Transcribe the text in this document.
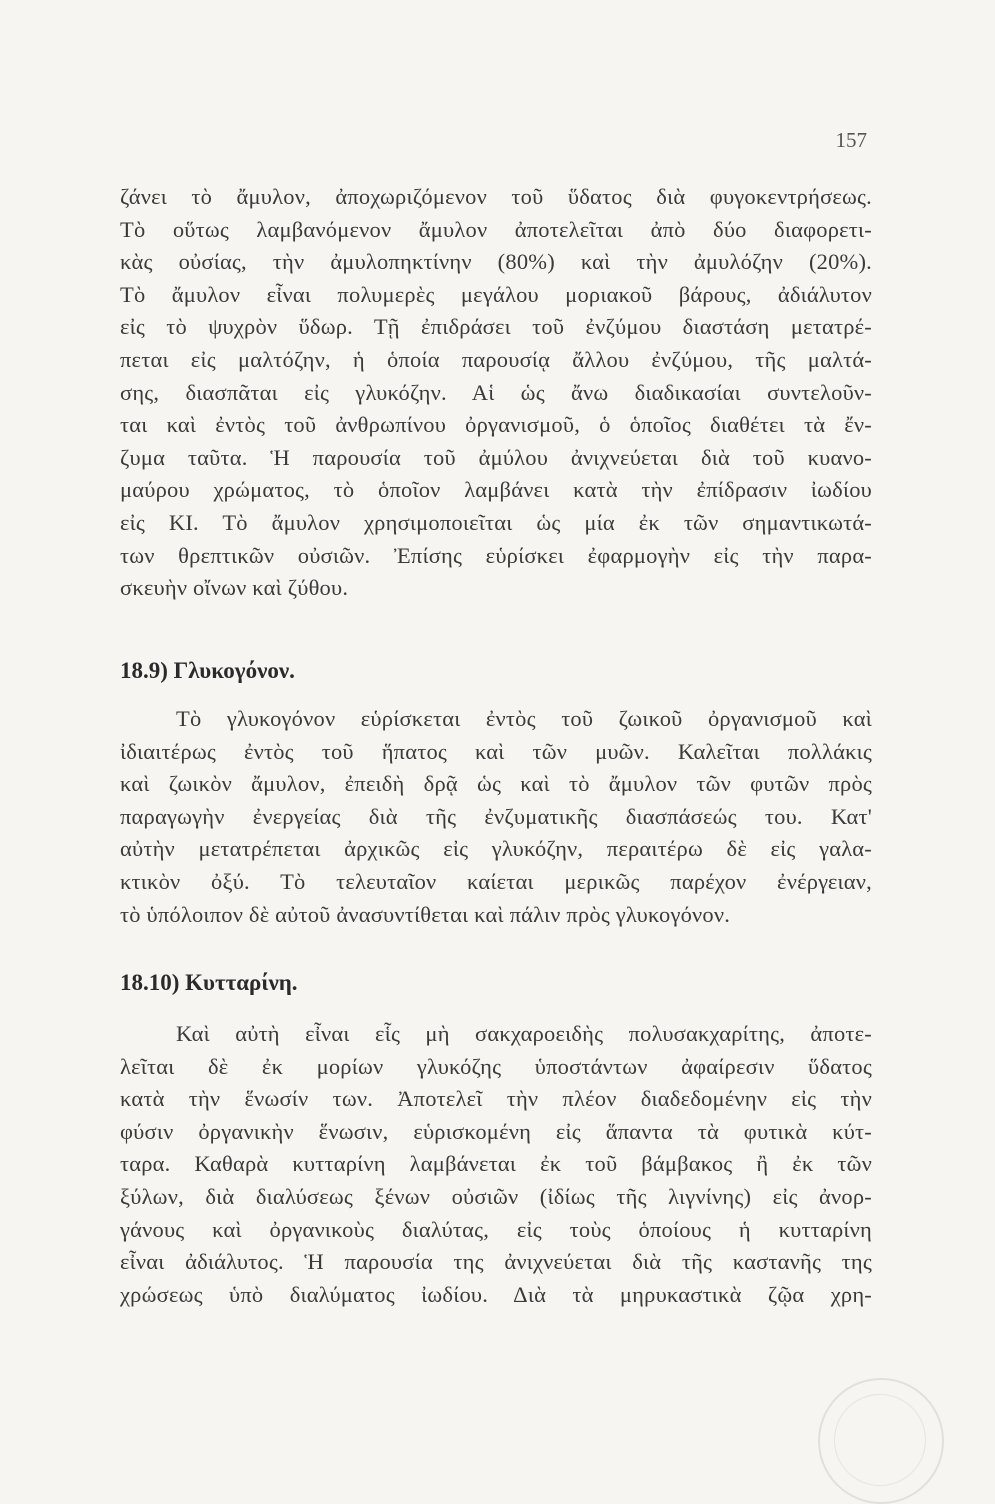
157
ζάνει τὸ ἄμυλον, ἀποχωριζόμενον τοῦ ὕδατος διὰ φυγοκεντρήσεως.
Τὸ οὕτως λαμβανόμενον ἄμυλον ἀποτελεῖται ἀπὸ δύο διαφορετι-
κὰς οὐσίας, τὴν ἀμυλοπηκτίνην (80%) καὶ τὴν ἀμυλόζην (20%).
Τὸ ἄμυλον εἶναι πολυμερὲς μεγάλου μοριακοῦ βάρους, ἀδιάλυτον
εἰς τὸ ψυχρὸν ὕδωρ. Τῇ ἐπιδράσει τοῦ ἐνζύμου διαστάση μετατρέ-
πεται εἰς μαλτόζην, ἡ ὁποία παρουσίᾳ ἄλλου ἐνζύμου, τῆς μαλτά-
σης, διασπᾶται εἰς γλυκόζην. Αἱ ὡς ἄνω διαδικασίαι συντελοῦν-
ται καὶ ἐντὸς τοῦ ἀνθρωπίνου ὀργανισμοῦ, ὁ ὁποῖος διαθέτει τὰ ἔν-
ζυμα ταῦτα. Ἡ παρουσία τοῦ ἀμύλου ἀνιχνεύεται διὰ τοῦ κυανο-
μαύρου χρώματος, τὸ ὁποῖον λαμβάνει κατὰ τὴν ἐπίδρασιν ἰωδίου
εἰς ΚΙ. Τὸ ἄμυλον χρησιμοποιεῖται ὡς μία ἐκ τῶν σημαντικωτά-
των θρεπτικῶν οὐσιῶν. Ἐπίσης εὑρίσκει ἐφαρμογὴν εἰς τὴν παρα-
σκευὴν οἴνων καὶ ζύθου.
18.9) Γλυκογόνον.
Τὸ γλυκογόνον εὑρίσκεται ἐντὸς τοῦ ζωικοῦ ὀργανισμοῦ καὶ
ἰδιαιτέρως ἐντὸς τοῦ ἥπατος καὶ τῶν μυῶν. Καλεῖται πολλάκις
καὶ ζωικὸν ἄμυλον, ἐπειδὴ δρᾷ ὡς καὶ τὸ ἄμυλον τῶν φυτῶν πρὸς
παραγωγὴν ἐνεργείας διὰ τῆς ἐνζυματικῆς διασπάσεώς του. Κατ'
αὐτὴν μετατρέπεται ἀρχικῶς εἰς γλυκόζην, περαιτέρω δὲ εἰς γαλα-
κτικὸν ὀξύ. Τὸ τελευταῖον καίεται μερικῶς παρέχον ἐνέργειαν,
τὸ ὑπόλοιπον δὲ αὐτοῦ ἀνασυντίθεται καὶ πάλιν πρὸς γλυκογόνον.
18.10) Κυτταρίνη.
Καὶ αὐτὴ εἶναι εἷς μὴ σακχαροειδὴς πολυσακχαρίτης, ἀποτε-
λεῖται δὲ ἐκ μορίων γλυκόζης ὑποστάντων ἀφαίρεσιν ὕδατος
κατὰ τὴν ἕνωσίν των. Ἀποτελεῖ τὴν πλέον διαδεδομένην εἰς τὴν
φύσιν ὀργανικὴν ἕνωσιν, εὑρισκομένη εἰς ἅπαντα τὰ φυτικὰ κύτ-
ταρα. Καθαρὰ κυτταρίνη λαμβάνεται ἐκ τοῦ βάμβακος ἢ ἐκ τῶν
ξύλων, διὰ διαλύσεως ξένων οὐσιῶν (ἰδίως τῆς λιγνίνης) εἰς ἀνορ-
γάνους καὶ ὀργανικοὺς διαλύτας, εἰς τοὺς ὁποίους ἡ κυτταρίνη
εἶναι ἀδιάλυτος. Ἡ παρουσία της ἀνιχνεύεται διὰ τῆς καστανῆς της
χρώσεως ὑπὸ διαλύματος ἰωδίου. Διὰ τὰ μηρυκαστικὰ ζῷα χρη-
